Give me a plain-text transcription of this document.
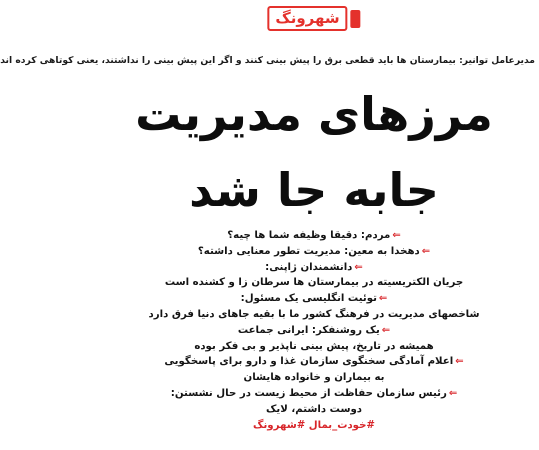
شهرونگ
مدیرعامل توانیر: بیمارستان ها باید قطعی برق را پیش بینی کنند و اگر این پیش بینی را نداشتند، یعنی کوتاهی کرده اند
مرزهای مدیریت
جابه جا شد
⇐مردم: دقیقا وظیفه شما ها چیه؟
⇐دهخدا به معین: مدیریت تطور معنایی داشته؟
⇐دانشمندان ژاپنی:
جریان الکتریسیته در بیمارستان ها سرطان زا و کشنده است
⇐توئیت انگلیسی یک مسئول:
شاخصهای مدیریت در فرهنگ کشور ما با بقیه جاهای دنیا فرق دارد
⇐یک روشنفکر: ایرانی جماعت
همیشه در تاریخ، پیش بینی ناپذیر و بی فکر بوده
⇐اعلام آمادگی سخنگوی سازمان غذا و دارو برای پاسخگویی
به بیماران و خانواده هایشان
⇐رئیس سازمان حفاظت از محیط زیست در حال نشستن:
دوست داشتم، لایک
#خودت_بمال #شهرونگ
